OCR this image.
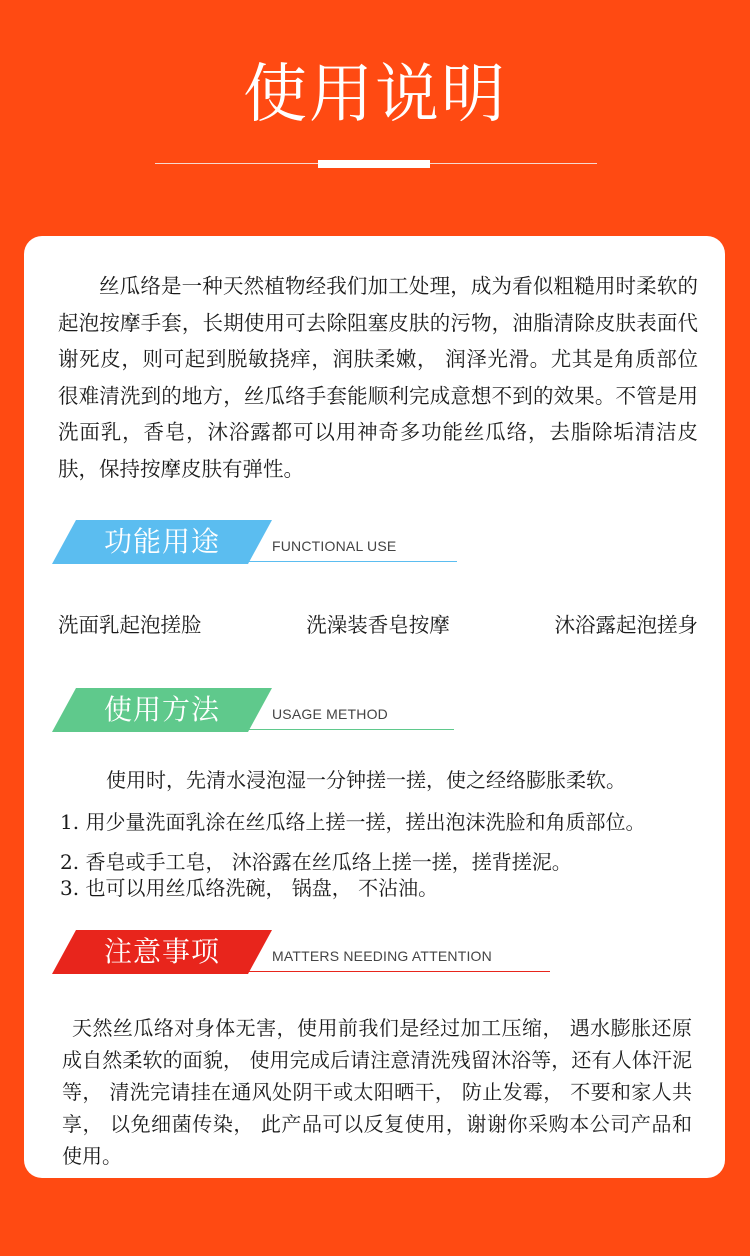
使用说明

丝瓜络是一种天然植物经我们加工处理，成为看似粗糙用时柔软的起泡按摩手套，长期使用可去除阻塞皮肤的污物，油脂清除皮肤表面代谢死皮，则可起到脱敏挠痒，润肤柔嫩， 润泽光滑。尤其是角质部位很难清洗到的地方，丝瓜络手套能顺利完成意想不到的效果。不管是用洗面乳，香皂，沐浴露都可以用神奇多功能丝瓜络，去脂除垢清洁皮肤，保持按摩皮肤有弹性。

功能用途	FUNCTIONAL USE
洗面乳起泡搓脸	洗澡装香皂按摩	沐浴露起泡搓身
使用方法	USAGE METHOD
使用时，先清水浸泡湿一分钟搓一搓，使之经络膨胀柔软。
1. 用少量洗面乳涂在丝瓜络上搓一搓，搓出泡沫洗脸和角质部位。
2. 香皂或手工皂， 沐浴露在丝瓜络上搓一搓，搓背搓泥。
3. 也可以用丝瓜络洗碗， 锅盘， 不沾油。
注意事项	MATTERS NEEDING ATTENTION

天然丝瓜络对身体无害，使用前我们是经过加工压缩， 遇水膨胀还原成自然柔软的面貌， 使用完成后请注意清洗残留沐浴等，还有人体汗泥等， 清洗完请挂在通风处阴干或太阳晒干， 防止发霉， 不要和家人共享， 以免细菌传染， 此产品可以反复使用，谢谢你采购本公司产品和使用。
